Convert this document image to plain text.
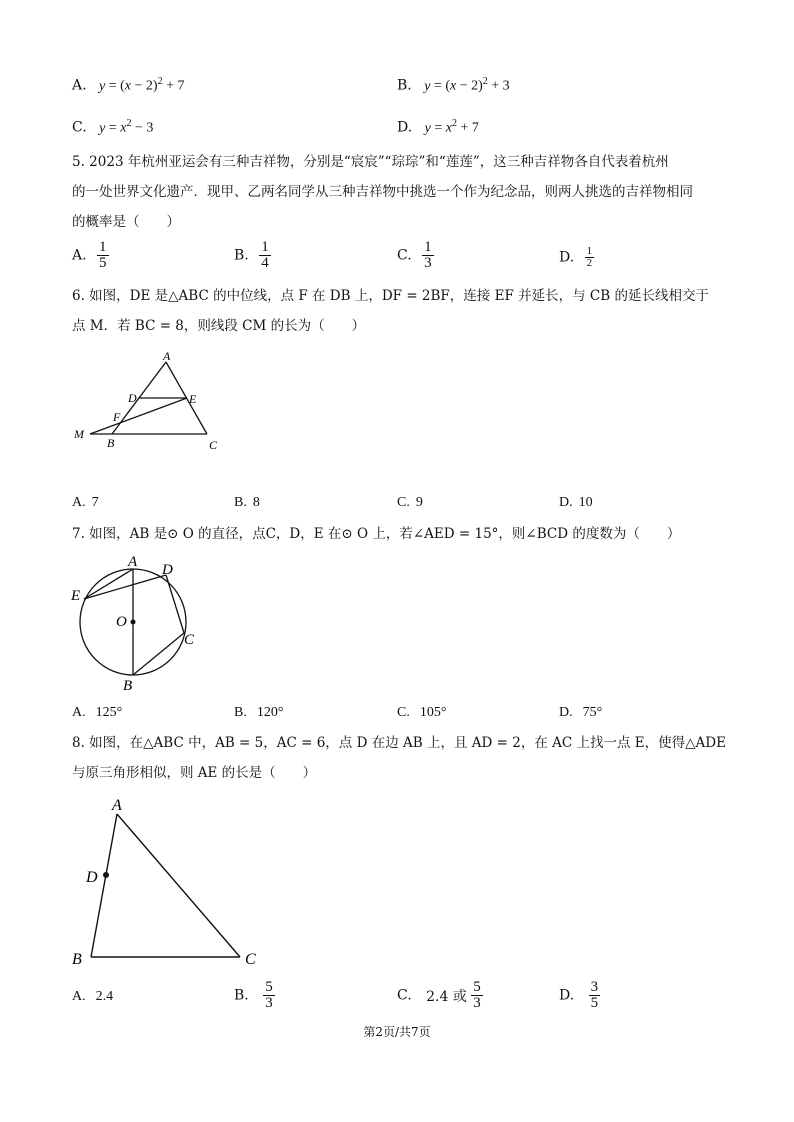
A. $y = (x - 2)^2 + 7$	B. $y = (x - 2)^2 + 3$
C. $y = x^2 - 3$	D. $y = x^2 + 7$
5. 2023 年杭州亚运会有三种吉祥物，分别是“宸宸”“琮琮”和“莲莲”，这三种吉祥物各自代表着杭州
的一处世界文化遗产．现甲、乙两名同学从三种吉祥物中挑选一个作为纪念品，则两人挑选的吉祥物相同
的概率是（　　）
A. $\frac{1}{5}$	B. $\frac{1}{4}$	C. $\frac{1}{3}$	D. $\frac{1}{2}$
6. 如图，DE 是△ABC 的中位线，点 F 在 DB 上，DF = 2BF，连接 EF 并延长，与 CB 的延长线相交于
点 M．若 BC = 8，则线段 CM 的长为（　　）
A
D	E
F
M
B	C
A. 7	B. 8	C. 9	D. 10
7. 如图，AB 是⊙ O 的直径，点C，D，E 在⊙ O 上，若∠AED = 15°，则∠BCD 的度数为（　　）
A D
E
O
C
B
A. 125°	B. 120°	C. 105°	D. 75°
8. 如图，在△ABC 中，AB = 5，AC = 6，点 D 在边 AB 上，且 AD = 2，在 AC 上找一点 E，使得△ADE
与原三角形相似，则 AE 的长是（　　）
A
D
B	C
A. 2.4	B. $\frac{5}{3}$	C. 2.4 或 $\frac{5}{3}$	D. $\frac{3}{5}$
第2页/共7页
